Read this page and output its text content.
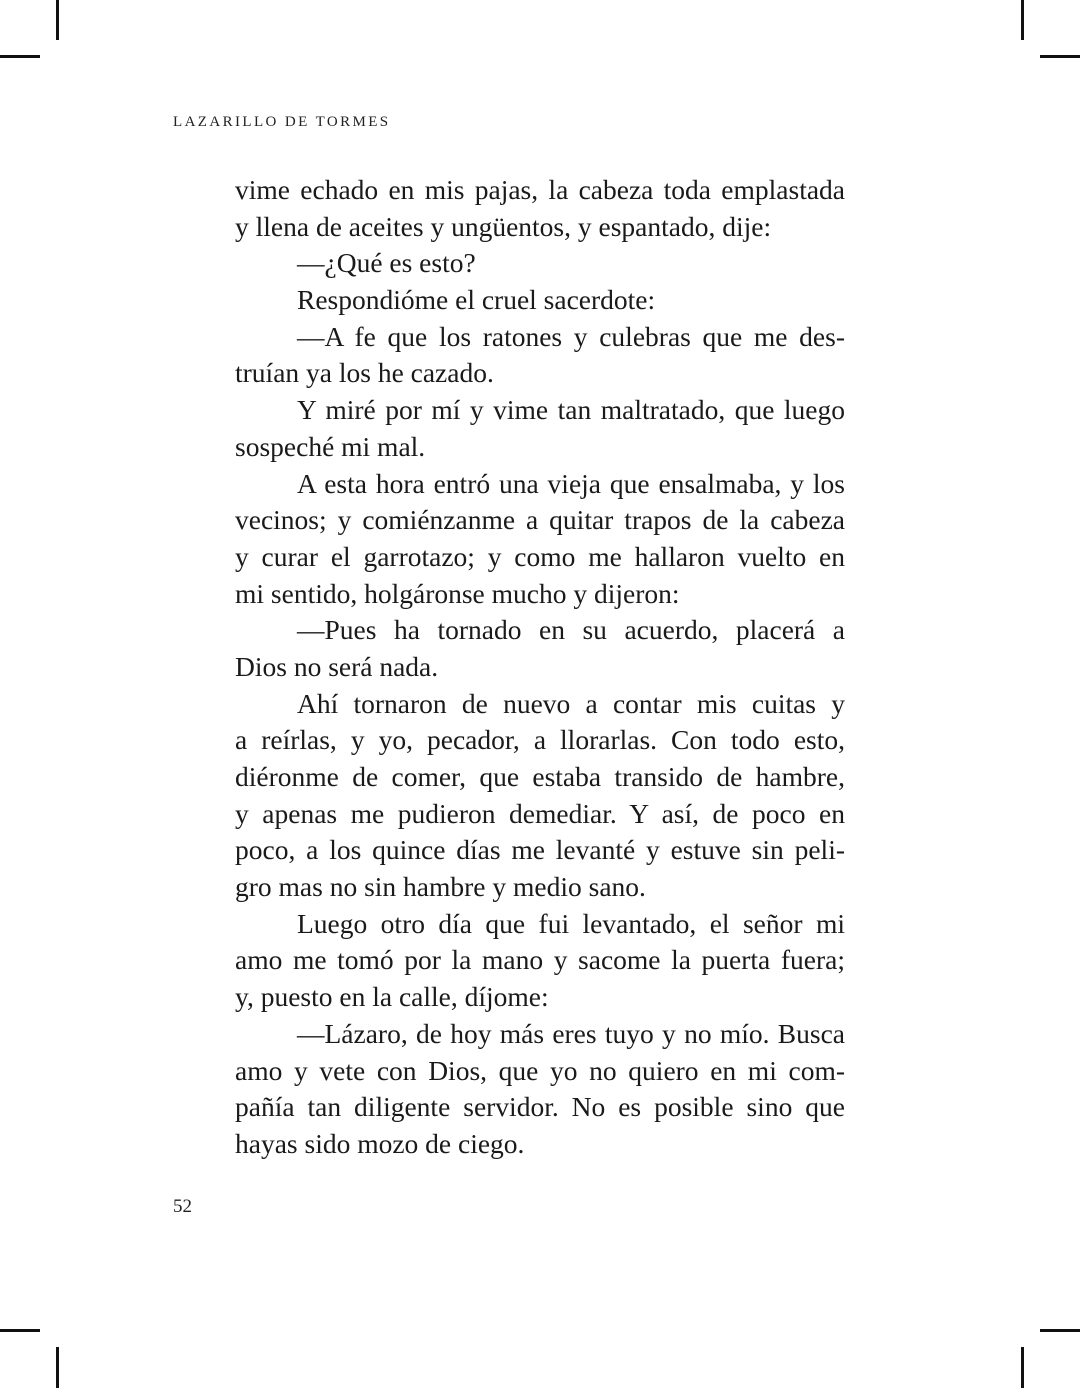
LAZARILLO DE TORMES
vime echado en mis pajas, la cabeza toda emplastada
y llena de aceites y ungüentos, y espantado, dije:
—¿Qué es esto?
Respondióme el cruel sacerdote:
—A fe que los ratones y culebras que me des-
truían ya los he cazado.
Y miré por mí y vime tan maltratado, que luego
sospeché mi mal.
A esta hora entró una vieja que ensalmaba, y los
vecinos; y comiénzanme a quitar trapos de la cabeza
y curar el garrotazo; y como me hallaron vuelto en
mi sentido, holgáronse mucho y dijeron:
—Pues ha tornado en su acuerdo, placerá a
Dios no será nada.
Ahí tornaron de nuevo a contar mis cuitas y
a reírlas, y yo, pecador, a llorarlas. Con todo esto,
diéronme de comer, que estaba transido de hambre,
y apenas me pudieron demediar. Y así, de poco en
poco, a los quince días me levanté y estuve sin peli-
gro mas no sin hambre y medio sano.
Luego otro día que fui levantado, el señor mi
amo me tomó por la mano y sacome la puerta fuera;
y, puesto en la calle, díjome:
—Lázaro, de hoy más eres tuyo y no mío. Busca
amo y vete con Dios, que yo no quiero en mi com-
pañía tan diligente servidor. No es posible sino que
hayas sido mozo de ciego.
52
